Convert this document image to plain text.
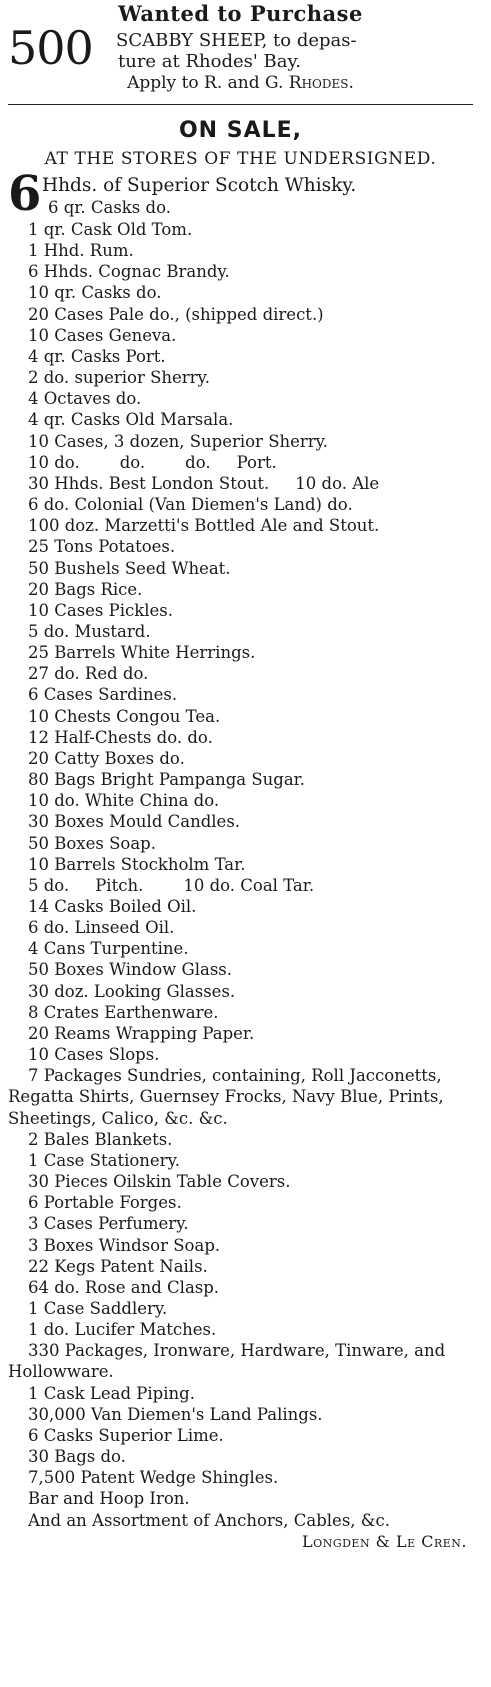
Wanted to Purchase
500	SCABBY SHEEP, to depas-
ture at Rhodes' Bay.
Apply to R. and G. Rhodes.
ON SALE,
AT THE STORES OF THE UNDERSIGNED.
6 Hhds. of Superior Scotch Whisky.
6 qr. Casks do.
1 qr. Cask Old Tom.
1 Hhd. Rum.
6 Hhds. Cognac Brandy.
10 qr. Casks do.
20 Cases Pale do., (shipped direct.)
10 Cases Geneva.
4 qr. Casks Port.
2 do. superior Sherry.
4 Octaves do.
4 qr. Casks Old Marsala.
10 Cases, 3 dozen, Superior Sherry.
10 do. do. do. Port.
30 Hhds. Best London Stout. 10 do. Ale
6 do. Colonial (Van Diemen's Land) do.
100 doz. Marzetti's Bottled Ale and Stout.
25 Tons Potatoes.
50 Bushels Seed Wheat.
20 Bags Rice.
10 Cases Pickles.
5 do. Mustard.
25 Barrels White Herrings.
27 do. Red do.
6 Cases Sardines.
10 Chests Congou Tea.
12 Half-Chests do. do.
20 Catty Boxes do.
80 Bags Bright Pampanga Sugar.
10 do. White China do.
30 Boxes Mould Candles.
50 Boxes Soap.
10 Barrels Stockholm Tar.
5 do. Pitch. 10 do. Coal Tar.
14 Casks Boiled Oil.
6 do. Linseed Oil.
4 Cans Turpentine.
50 Boxes Window Glass.
30 doz. Looking Glasses.
8 Crates Earthenware.
20 Reams Wrapping Paper.
10 Cases Slops.
7 Packages Sundries, containing, Roll Jacconetts, Regatta Shirts, Guernsey Frocks, Navy Blue, Prints, Sheetings, Calico, &c. &c.
2 Bales Blankets.
1 Case Stationery.
30 Pieces Oilskin Table Covers.
6 Portable Forges.
3 Cases Perfumery.
3 Boxes Windsor Soap.
22 Kegs Patent Nails.
64 do. Rose and Clasp.
1 Case Saddlery.
1 do. Lucifer Matches.
330 Packages, Ironware, Hardware, Tinware, and Hollowware.
1 Cask Lead Piping.
30,000 Van Diemen's Land Palings.
6 Casks Superior Lime.
30 Bags do.
7,500 Patent Wedge Shingles.
Bar and Hoop Iron.
And an Assortment of Anchors, Cables, &c.
Longden & Le Cren.
